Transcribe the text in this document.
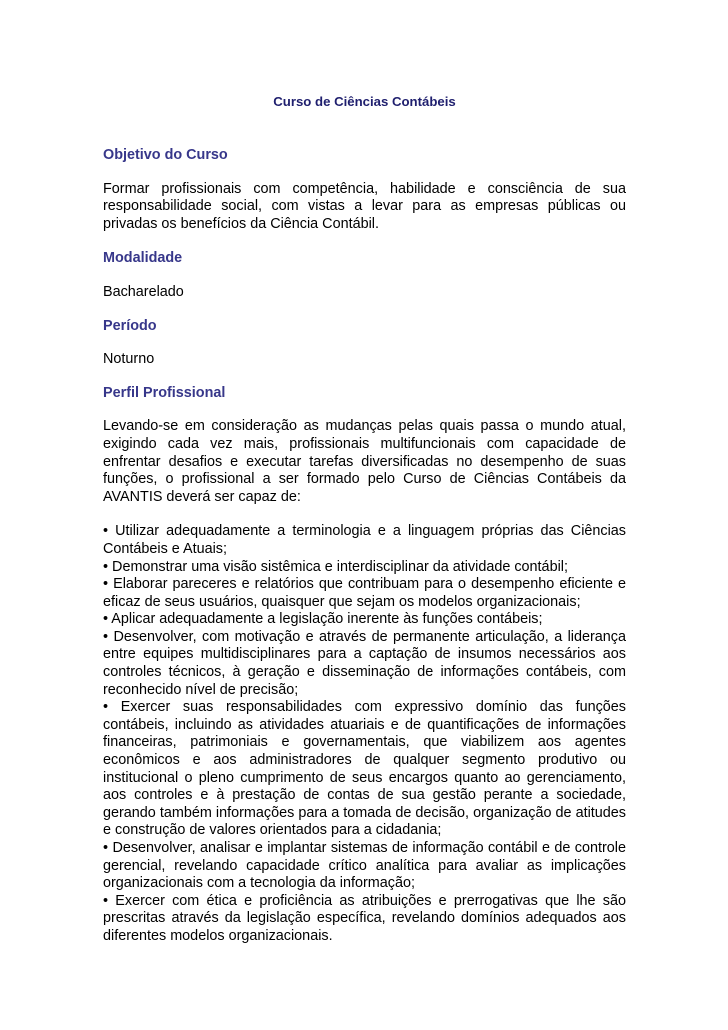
Curso de Ciências Contábeis
Objetivo do Curso

Formar profissionais com competência, habilidade e consciência de sua responsabilidade social, com vistas a levar para as empresas públicas ou privadas os benefícios da Ciência Contábil.

Modalidade

Bacharelado

Período

Noturno

Perfil Profissional

Levando-se em consideração as mudanças pelas quais passa o mundo atual, exigindo cada vez mais, profissionais multifuncionais com capacidade de enfrentar desafios e executar tarefas diversificadas no desempenho de suas funções, o profissional a ser formado pelo Curso de Ciências Contábeis da AVANTIS deverá ser capaz de:

• Utilizar adequadamente a terminologia e a linguagem próprias das Ciências Contábeis e Atuais;
• Demonstrar uma visão sistêmica e interdisciplinar da atividade contábil;
• Elaborar pareceres e relatórios que contribuam para o desempenho eficiente e eficaz de seus usuários, quaisquer que sejam os modelos organizacionais;
• Aplicar adequadamente a legislação inerente às funções contábeis;
• Desenvolver, com motivação e através de permanente articulação, a liderança entre equipes multidisciplinares para a captação de insumos necessários aos controles técnicos, à geração e disseminação de informações contábeis, com reconhecido nível de precisão;
• Exercer suas responsabilidades com expressivo domínio das funções contábeis, incluindo as atividades atuariais e de quantificações de informações financeiras, patrimoniais e governamentais, que viabilizem aos agentes econômicos e aos administradores de qualquer segmento produtivo ou institucional o pleno cumprimento de seus encargos quanto ao gerenciamento, aos controles e à prestação de contas de sua gestão perante a sociedade, gerando também informações para a tomada de decisão, organização de atitudes e construção de valores orientados para a cidadania;
• Desenvolver, analisar e implantar sistemas de informação contábil e de controle gerencial, revelando capacidade crítico analítica para avaliar as implicações organizacionais com a tecnologia da informação;
• Exercer com ética e proficiência as atribuições e prerrogativas que lhe são prescritas através da legislação específica, revelando domínios adequados aos diferentes modelos organizacionais.
